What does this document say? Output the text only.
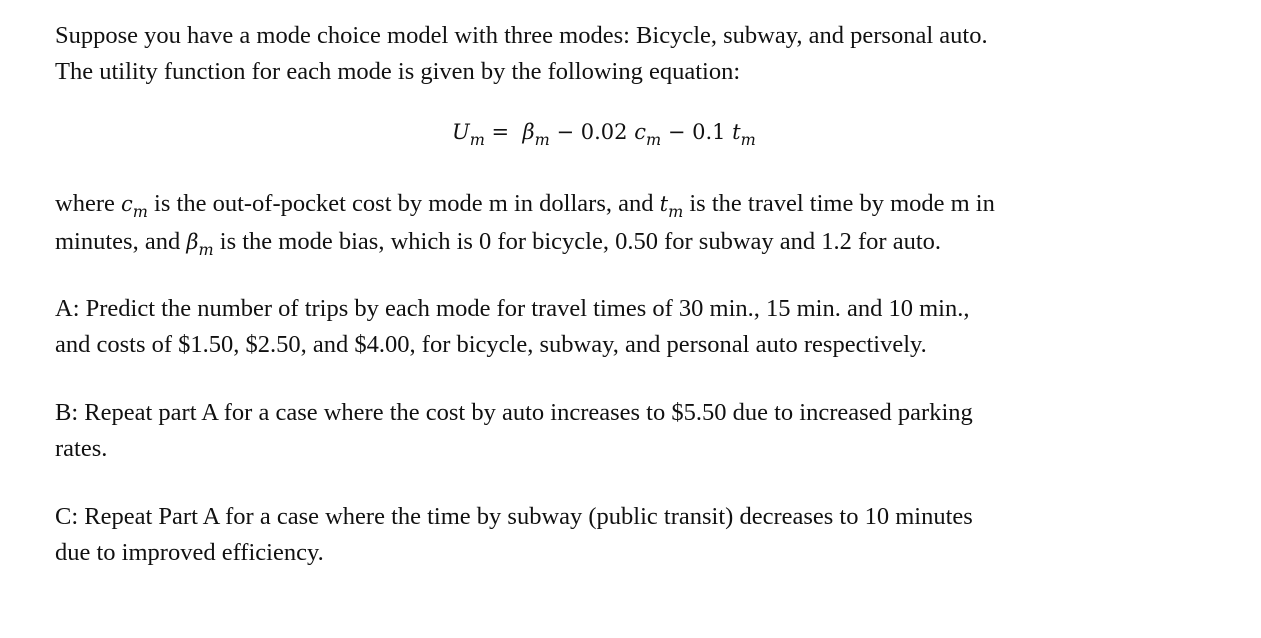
Suppose you have a mode choice model with three modes: Bicycle, subway, and personal auto.
The utility function for each mode is given by the following equation:
$U_m = \beta_m - 0.02$ $c_m - 0.1$ $t_m$
where $c_m$ is the out-of-pocket cost by mode m in dollars, and $t_m$ is the travel time by mode m in
minutes, and $\beta_m$ is the mode bias, which is 0 for bicycle, 0.50 for subway and 1.2 for auto.
A: Predict the number of trips by each mode for travel times of 30 min., 15 min. and 10 min.,
and costs of $1.50, $2.50, and $4.00, for bicycle, subway, and personal auto respectively.
B: Repeat part A for a case where the cost by auto increases to $5.50 due to increased parking
rates.
C: Repeat Part A for a case where the time by subway (public transit) decreases to 10 minutes
due to improved efficiency.
